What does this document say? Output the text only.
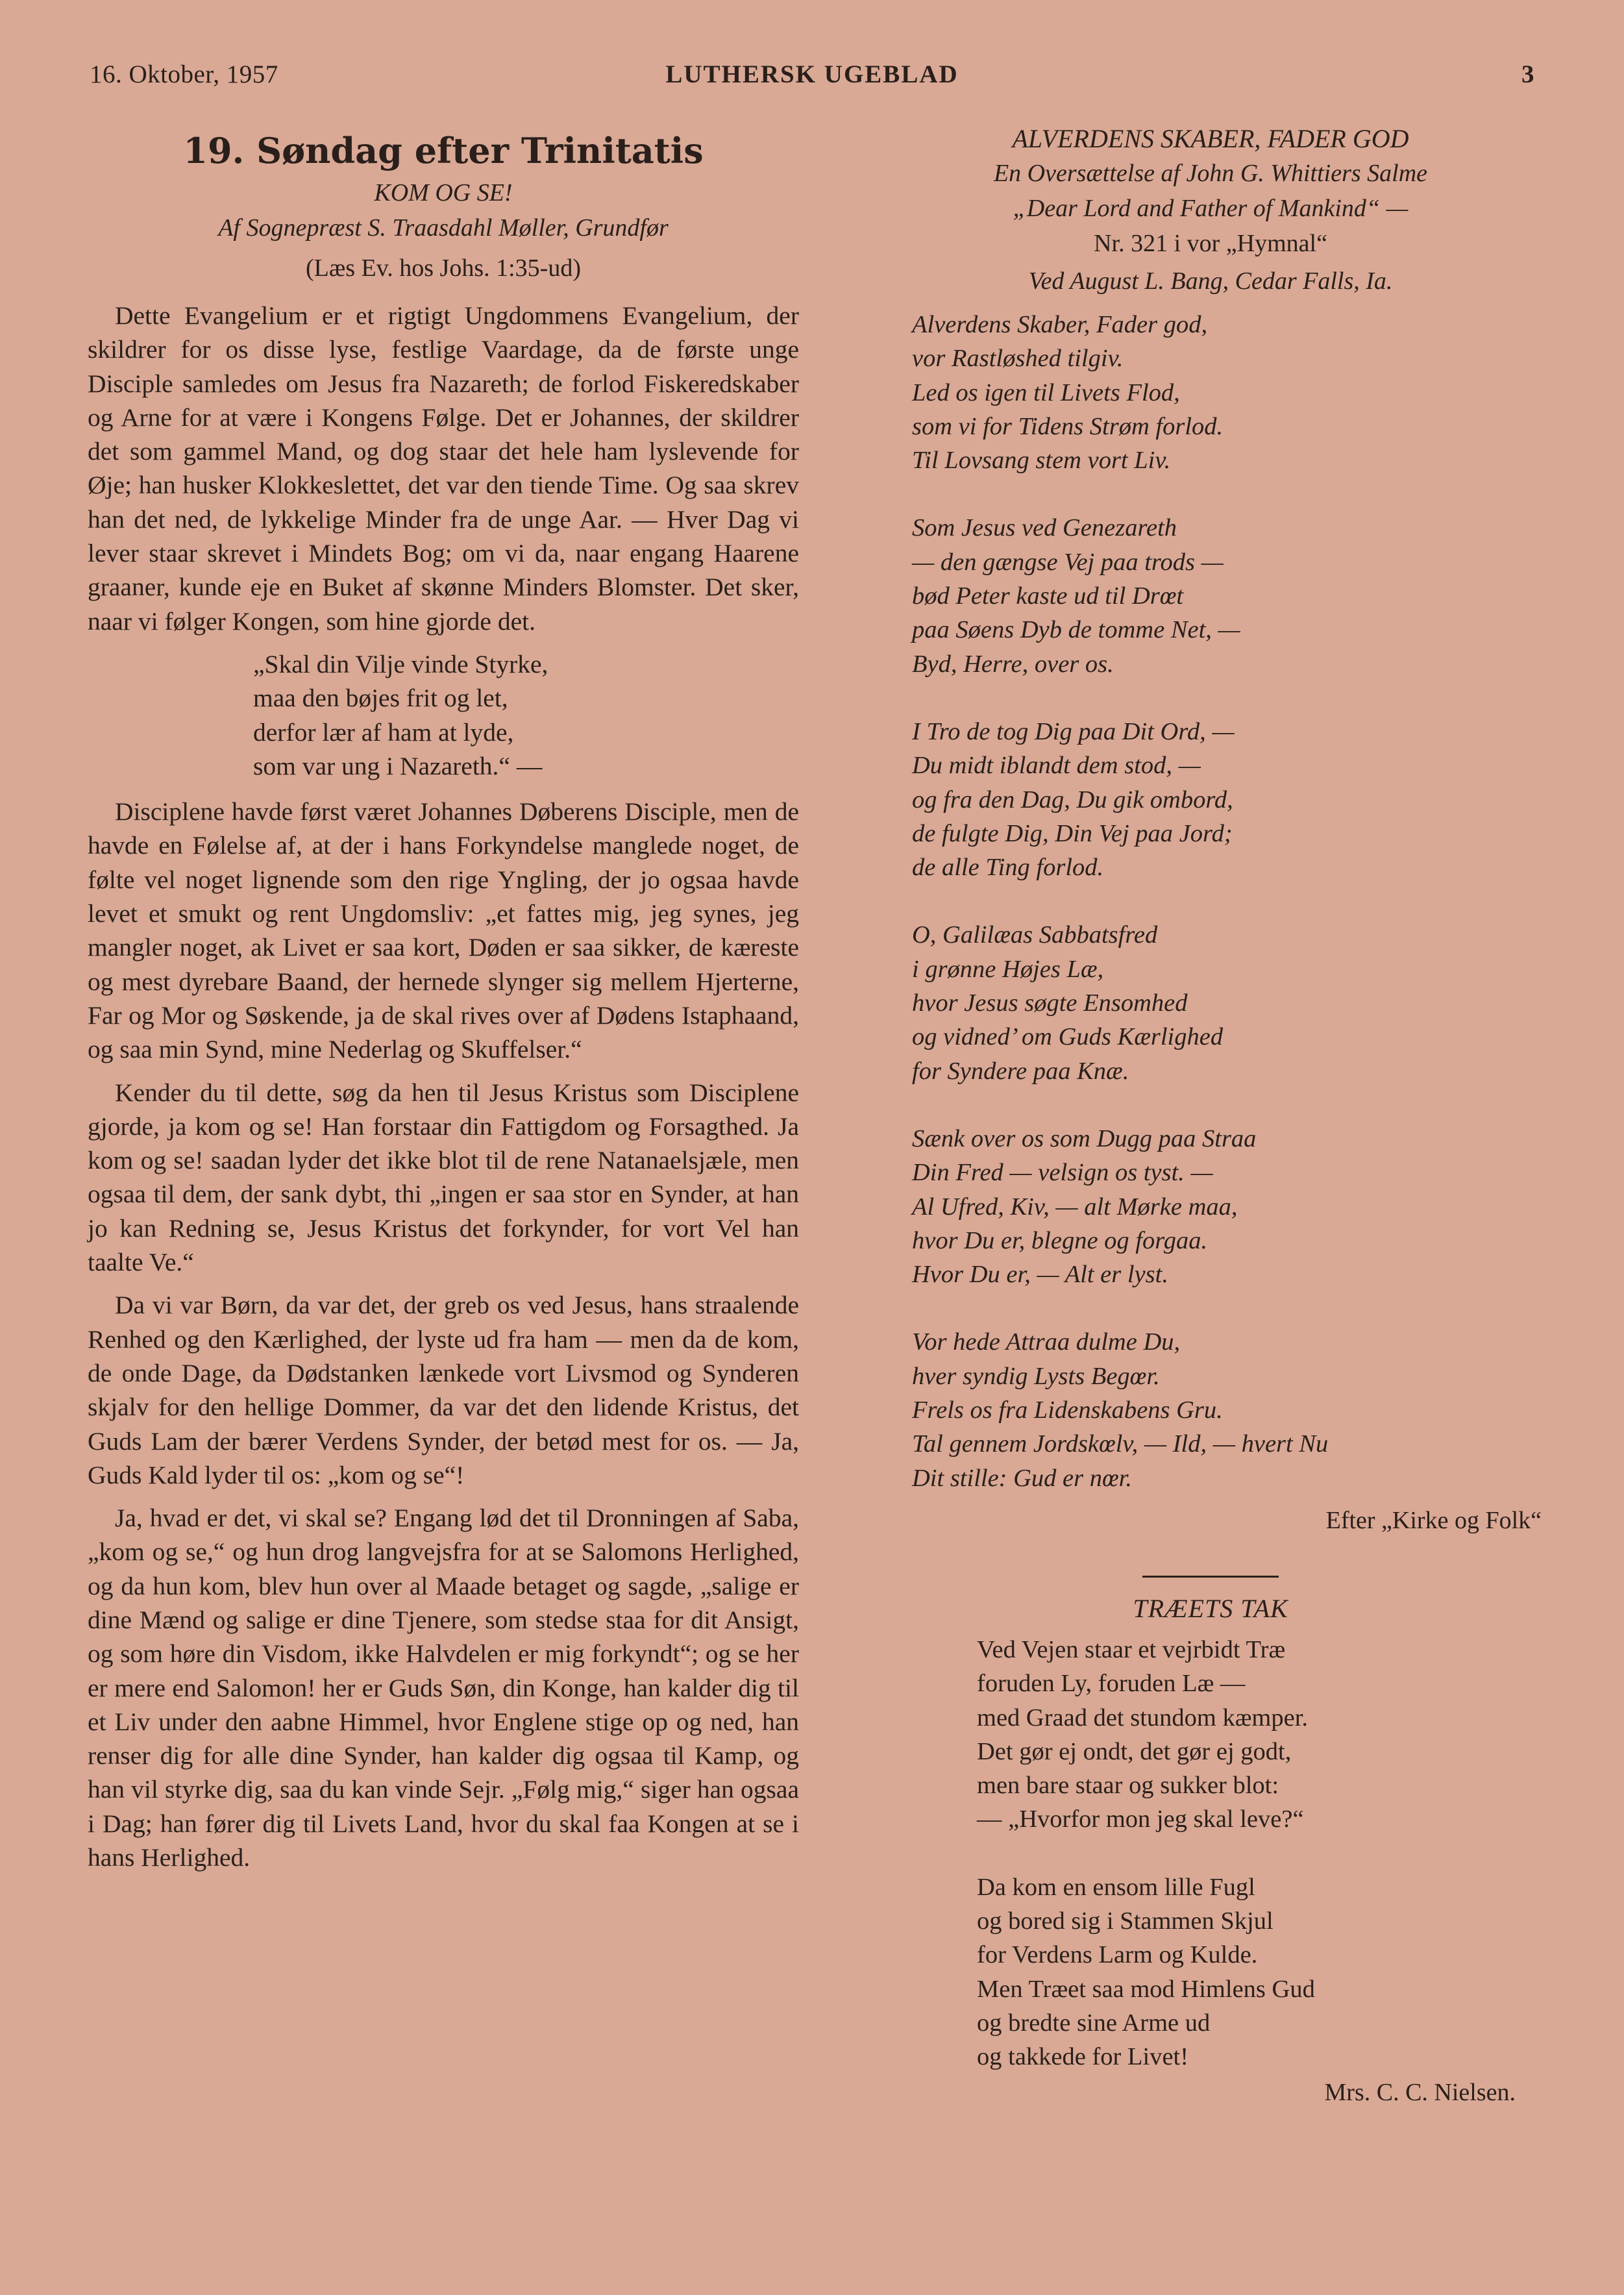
16. Oktober, 1957	LUTHERSK UGEBLAD	3
19. Søndag efter Trinitatis
KOM OG SE!
Af Sognepræst S. Traasdahl Møller, Grundfør
(Læs Ev. hos Johs. 1:35-ud)

Dette Evangelium er et rigtigt Ungdommens Evangelium, der skildrer for os disse lyse, festlige Vaardage, da de første unge Disciple samledes om Jesus fra Nazareth; de forlod Fiskeredskaber og Arne for at være i Kongens Følge. Det er Johannes, der skildrer det som gammel Mand, og dog staar det hele ham lyslevende for Øje; han husker Klokkeslettet, det var den tiende Time. Og saa skrev han det ned, de lykkelige Minder fra de unge Aar. — Hver Dag vi lever staar skrevet i Mindets Bog; om vi da, naar engang Haarene graaner, kunde eje en Buket af skønne Minders Blomster. Det sker, naar vi følger Kongen, som hine gjorde det.

„Skal din Vilje vinde Styrke,
maa den bøjes frit og let,
derfor lær af ham at lyde,
som var ung i Nazareth.“ —

Disciplene havde først været Johannes Døberens Disciple, men de havde en Følelse af, at der i hans Forkyndelse manglede noget, de følte vel noget lignende som den rige Yngling, der jo ogsaa havde levet et smukt og rent Ungdomsliv: „et fattes mig, jeg synes, jeg mangler noget, ak Livet er saa kort, Døden er saa sikker, de kæreste og mest dyrebare Baand, der hernede slynger sig mellem Hjerterne, Far og Mor og Søskende, ja de skal rives over af Dødens Istaphaand, og saa min Synd, mine Nederlag og Skuffelser.“

Kender du til dette, søg da hen til Jesus Kristus som Disciplene gjorde, ja kom og se! Han forstaar din Fattigdom og Forsagthed. Ja kom og se! saadan lyder det ikke blot til de rene Natanaelsjæle, men ogsaa til dem, der sank dybt, thi „ingen er saa stor en Synder, at han jo kan Redning se, Jesus Kristus det forkynder, for vort Vel han taalte Ve.“

Da vi var Børn, da var det, der greb os ved Jesus, hans straalende Renhed og den Kærlighed, der lyste ud fra ham — men da de kom, de onde Dage, da Dødstanken lænkede vort Livsmod og Synderen skjalv for den hellige Dommer, da var det den lidende Kristus, det Guds Lam der bærer Verdens Synder, der betød mest for os. — Ja, Guds Kald lyder til os: „kom og se“!

Ja, hvad er det, vi skal se? Engang lød det til Dronningen af Saba, „kom og se,“ og hun drog langvejsfra for at se Salomons Herlighed, og da hun kom, blev hun over al Maade betaget og sagde, „salige er dine Mænd og salige er dine Tjenere, som stedse staa for dit Ansigt, og som høre din Visdom, ikke Halvdelen er mig forkyndt“; og se her er mere end Salomon! her er Guds Søn, din Konge, han kalder dig til et Liv under den aabne Himmel, hvor Englene stige op og ned, han renser dig for alle dine Synder, han kalder dig ogsaa til Kamp, og han vil styrke dig, saa du kan vinde Sejr. „Følg mig,“ siger han ogsaa i Dag; han fører dig til Livets Land, hvor du skal faa Kongen at se i hans Herlighed.

ALVERDENS SKABER, FADER GOD
En Oversættelse af John G. Whittiers Salme
„Dear Lord and Father of Mankind“ —
Nr. 321 i vor „Hymnal“
Ved August L. Bang, Cedar Falls, Ia.
Alverdens Skaber, Fader god,
vor Rastløshed tilgiv.
Led os igen til Livets Flod,
som vi for Tidens Strøm forlod.
Til Lovsang stem vort Liv.
Som Jesus ved Genezareth
— den gængse Vej paa trods —
bød Peter kaste ud til Drœt
paa Søens Dyb de tomme Net, —
Byd, Herre, over os.
I Tro de tog Dig paa Dit Ord, —
Du midt iblandt dem stod, —
og fra den Dag, Du gik ombord,
de fulgte Dig, Din Vej paa Jord;
de alle Ting forlod.
O, Galilæas Sabbatsfred
i grønne Højes Læ,
hvor Jesus søgte Ensomhed
og vidned’ om Guds Kærlighed
for Syndere paa Knæ.
Sænk over os som Dugg paa Straa
Din Fred — velsign os tyst. —
Al Ufred, Kiv, — alt Mørke maa,
hvor Du er, blegne og forgaa.
Hvor Du er, — Alt er lyst.
Vor hede Attraa dulme Du,
hver syndig Lysts Begœr.
Frels os fra Lidenskabens Gru.
Tal gennem Jordskœlv, — Ild, — hvert Nu
Dit stille: Gud er nœr.
Efter „Kirke og Folk“
TRÆETS TAK
Ved Vejen staar et vejrbidt Træ
foruden Ly, foruden Læ —
med Graad det stundom kæmper.
Det gør ej ondt, det gør ej godt,
men bare staar og sukker blot:
— „Hvorfor mon jeg skal leve?“
Da kom en ensom lille Fugl
og bored sig i Stammen Skjul
for Verdens Larm og Kulde.
Men Træet saa mod Himlens Gud
og bredte sine Arme ud
og takkede for Livet!
Mrs. C. C. Nielsen.
